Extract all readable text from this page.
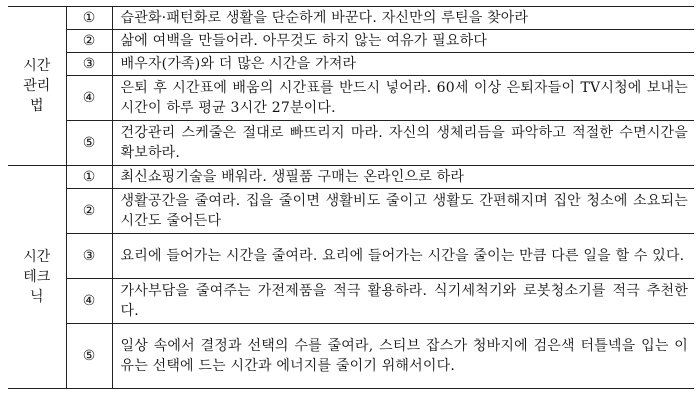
시간
관리
법	①	습관화·패턴화로 생활을 단순하게 바꾼다. 자신만의 루틴을 찾아라

	②	삶에 여백을 만들어라. 아무것도 하지 않는 여유가 필요하다

	③	배우자(가족)와 더 많은 시간을 가져라

	④	은퇴 후 시간표에 배움의 시간표를 반드시 넣어라. 60세 이상 은퇴자들이 TV시청에 보내는 시간이 하루 평균 3시간 27분이다.

	⑤	건강관리 스케줄은 절대로 빠뜨리지 마라. 자신의 생체리듬을 파악하고 적절한 수면시간을 확보하라.

시간
테크
닉	①	최신쇼핑기술을 배워라. 생필품 구매는 온라인으로 하라

	②	생활공간을 줄여라. 집을 줄이면 생활비도 줄이고 생활도 간편해지며 집안 청소에 소요되는 시간도 줄어든다

	③	요리에 들어가는 시간을 줄여라. 요리에 들어가는 시간을 줄이는 만큼 다른 일을 할 수 있다.

	④	가사부담을 줄여주는 가전제품을 적극 활용하라. 식기세척기와 로봇청소기를 적극 추천한다.

	⑤	일상 속에서 결정과 선택의 수를 줄여라, 스티브 잡스가 청바지에 검은색 터틀넥을 입는 이유는 선택에 드는 시간과 에너지를 줄이기 위해서이다.
